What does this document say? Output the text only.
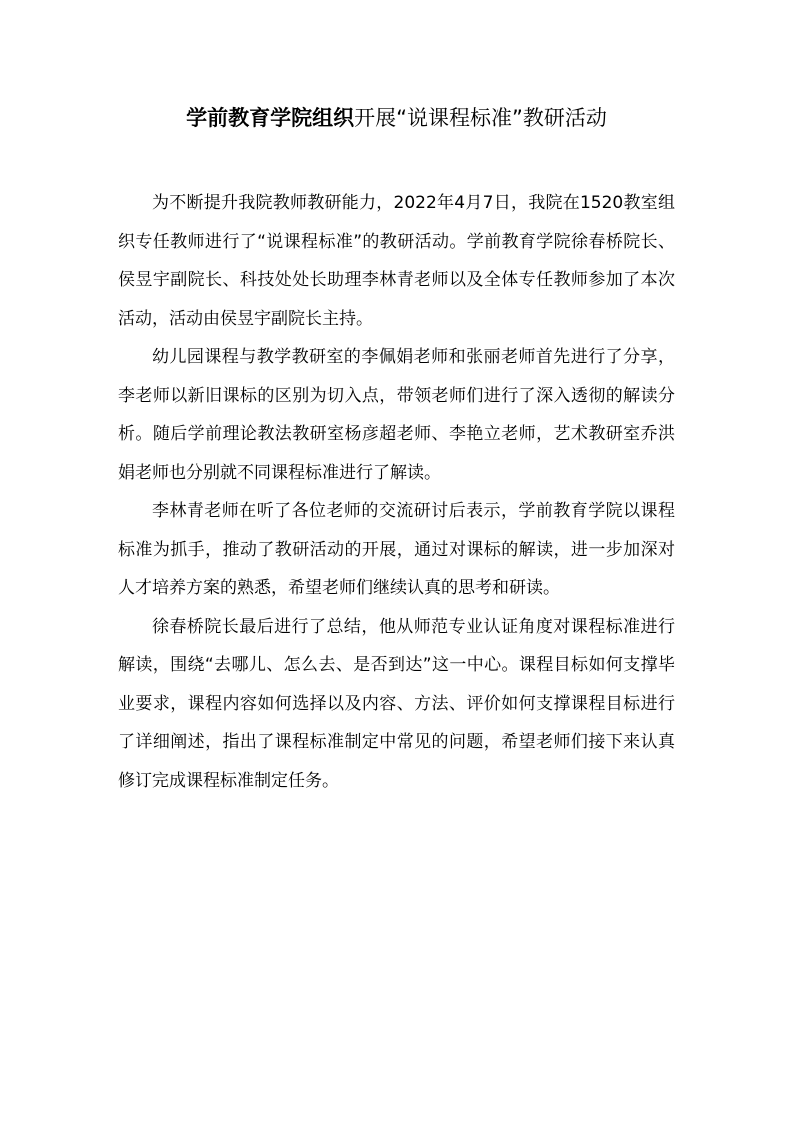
学前教育学院组织开展“说课程标准”教研活动

为不断提升我院教师教研能力，2022年4月7日，我院在1520教室组织专任教师进行了“说课程标准”的教研活动。学前教育学院徐春桥院长、侯昱宇副院长、科技处处长助理李林青老师以及全体专任教师参加了本次活动，活动由侯昱宇副院长主持。

幼儿园课程与教学教研室的李佩娟老师和张丽老师首先进行了分享，李老师以新旧课标的区别为切入点，带领老师们进行了深入透彻的解读分析。随后学前理论教法教研室杨彦超老师、李艳立老师，艺术教研室乔洪娟老师也分别就不同课程标准进行了解读。

李林青老师在听了各位老师的交流研讨后表示，学前教育学院以课程标准为抓手，推动了教研活动的开展，通过对课标的解读，进一步加深对人才培养方案的熟悉，希望老师们继续认真的思考和研读。

徐春桥院长最后进行了总结，他从师范专业认证角度对课程标准进行解读，围绕“去哪儿、怎么去、是否到达”这一中心。课程目标如何支撑毕业要求，课程内容如何选择以及内容、方法、评价如何支撑课程目标进行了详细阐述，指出了课程标准制定中常见的问题，希望老师们接下来认真修订完成课程标准制定任务。
